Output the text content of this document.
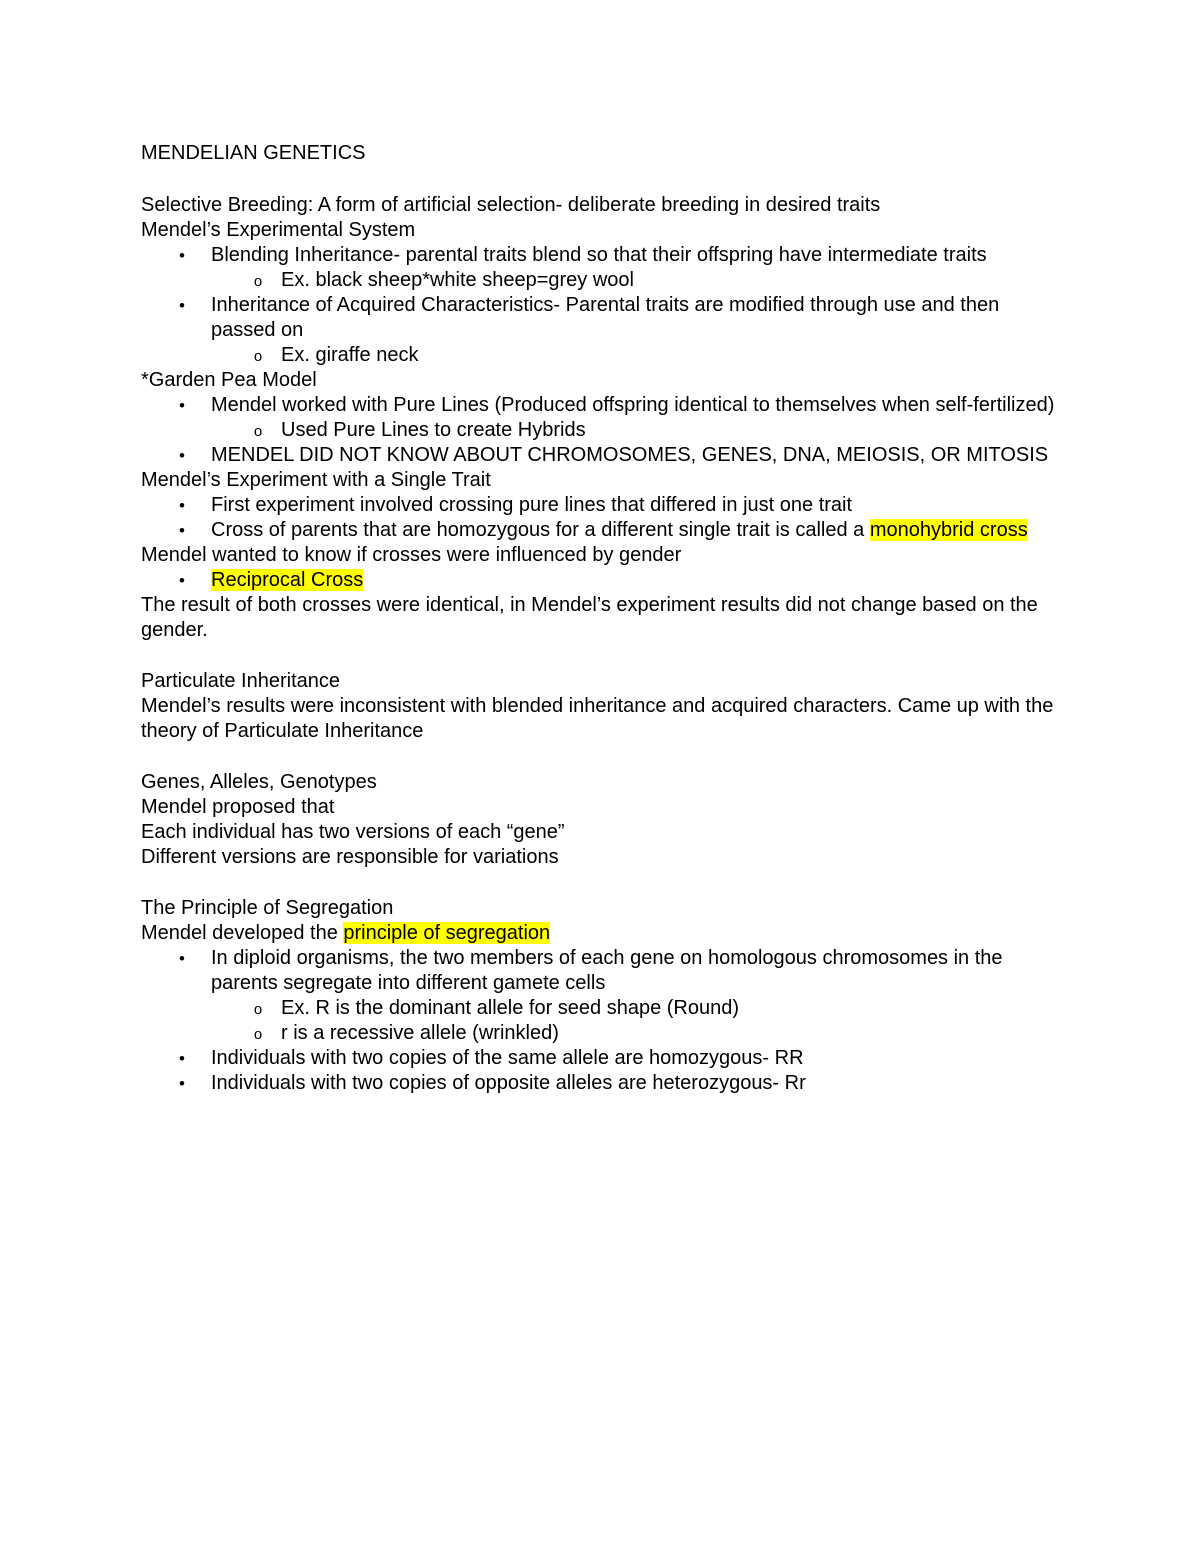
MENDELIAN GENETICS

Selective Breeding: A form of artificial selection- deliberate breeding in desired traits

Mendel’s Experimental System

• Blending Inheritance- parental traits blend so that their offspring have intermediate traits
o Ex. black sheep*white sheep=grey wool
• Inheritance of Acquired Characteristics- Parental traits are modified through use and then passed on
o Ex. giraffe neck

*Garden Pea Model

• Mendel worked with Pure Lines (Produced offspring identical to themselves when self-fertilized)
o Used Pure Lines to create Hybrids
• MENDEL DID NOT KNOW ABOUT CHROMOSOMES, GENES, DNA, MEIOSIS, OR MITOSIS

Mendel’s Experiment with a Single Trait

• First experiment involved crossing pure lines that differed in just one trait
• Cross of parents that are homozygous for a different single trait is called a monohybrid cross

Mendel wanted to know if crosses were influenced by gender

• Reciprocal Cross

The result of both crosses were identical, in Mendel’s experiment results did not change based on the gender.

Particulate Inheritance

Mendel’s results were inconsistent with blended inheritance and acquired characters. Came up with the theory of Particulate Inheritance

Genes, Alleles, Genotypes

Mendel proposed that

Each individual has two versions of each “gene”

Different versions are responsible for variations

The Principle of Segregation

Mendel developed the principle of segregation

• In diploid organisms, the two members of each gene on homologous chromosomes in the parents segregate into different gamete cells
o Ex. R is the dominant allele for seed shape (Round)
o r is a recessive allele (wrinkled)
• Individuals with two copies of the same allele are homozygous- RR
• Individuals with two copies of opposite alleles are heterozygous- Rr
